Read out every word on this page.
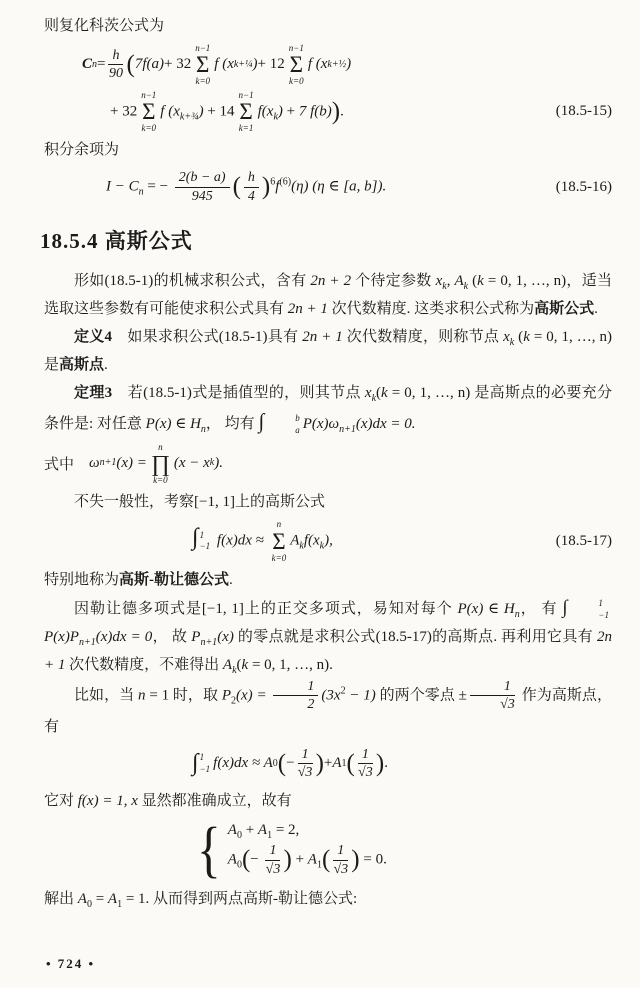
则复化科茨公式为

C $n = \frac{h}{90}$ ( 7f(a) + 32
n−1
Σ
k=0
f (x k+¼ ) + 12
n−1
Σ
k=0
f (x k+½ )
+ 32
n−1
Σ
k=0
f $(x_{k+\frac{3}{4}}) + 14$
n−1
Σ
k=1
$f(x_k) + 7$ f(b)).	(18.5-15)

积分余项为

$I - C_n$ = − $\frac{2(b - a)}{945}$ ( $\frac{h}{4} )^6f^{(6)}(\eta)$ (η ∈ [a, b]).	(18.5-16)
18.5.4 高斯公式

形如(18.5-1)的机械求积公式，含有 2n + 2 个待定参数 $x_k$, $A_k$ (k = 0, 1, …, n)，适当选取这些参数有可能使求积公式具有 2n + 1 次代数精度. 这类求积公式称为高斯公式.

定义4　如果求积公式(18.5-1)具有 2n + 1 次代数精度，则称节点 $x_k$ (k = 0, 1, …, n) 是高斯点.

定理3　若(18.5-1)式是插值型的，则其节点 $x_k(k = 0$, 1, …, n) 是高斯点的必要充分条件是: 对任意 P(x) ∈ $H_n$， 均有 ∫	b
a $P(x)\omega_{n+1}(x)dx = 0$.

式中　 ω n+1 (x) =
n
∏
k=0
(x − x k ).

不失一般性，考察[−1, 1]上的高斯公式

∫ 1
−1 f(x)dx ≈
n
Σ
k=0
$A_kf(x_k)$,	(18.5-17)

特别地称为高斯-勒让德公式.

因勒让德多项式是[−1, 1]上的正交多项式，易知对每个 P(x) ∈ $H_n$， 有 ∫	1
−1
$P(x)P_{n+1}(x)dx = 0$， 故 $P_{n+1}(x)$ 的零点就是求积公式(18.5-17)的高斯点. 再利用它具有 2n + 1 次代数精度，不难得出 $A_k(k = 0$, 1, …, n).

比如，当 n = 1 时，取 $P_2(x) = \frac{1}{2} (3x^2 - 1)$ 的两个零点 ± $\frac{1}{√3}$ 作为高斯点，有

∫ 1
−1 f(x)dx ≈ A 0 ( − $\frac{1}{√3}$ ) + A 1 ( $\frac{1}{√3}$ ) .

它对 f(x) = 1, x 显然都准确成立，故有

{ $A_0 + A_1 = 2$,
$A_0(- \frac{1}{√3}$ ) + $A_1( \frac{1}{√3}$ ) = 0.

解出 $A_0 = A_1 = 1$. 从而得到两点高斯-勒让德公式:

• 724 •
